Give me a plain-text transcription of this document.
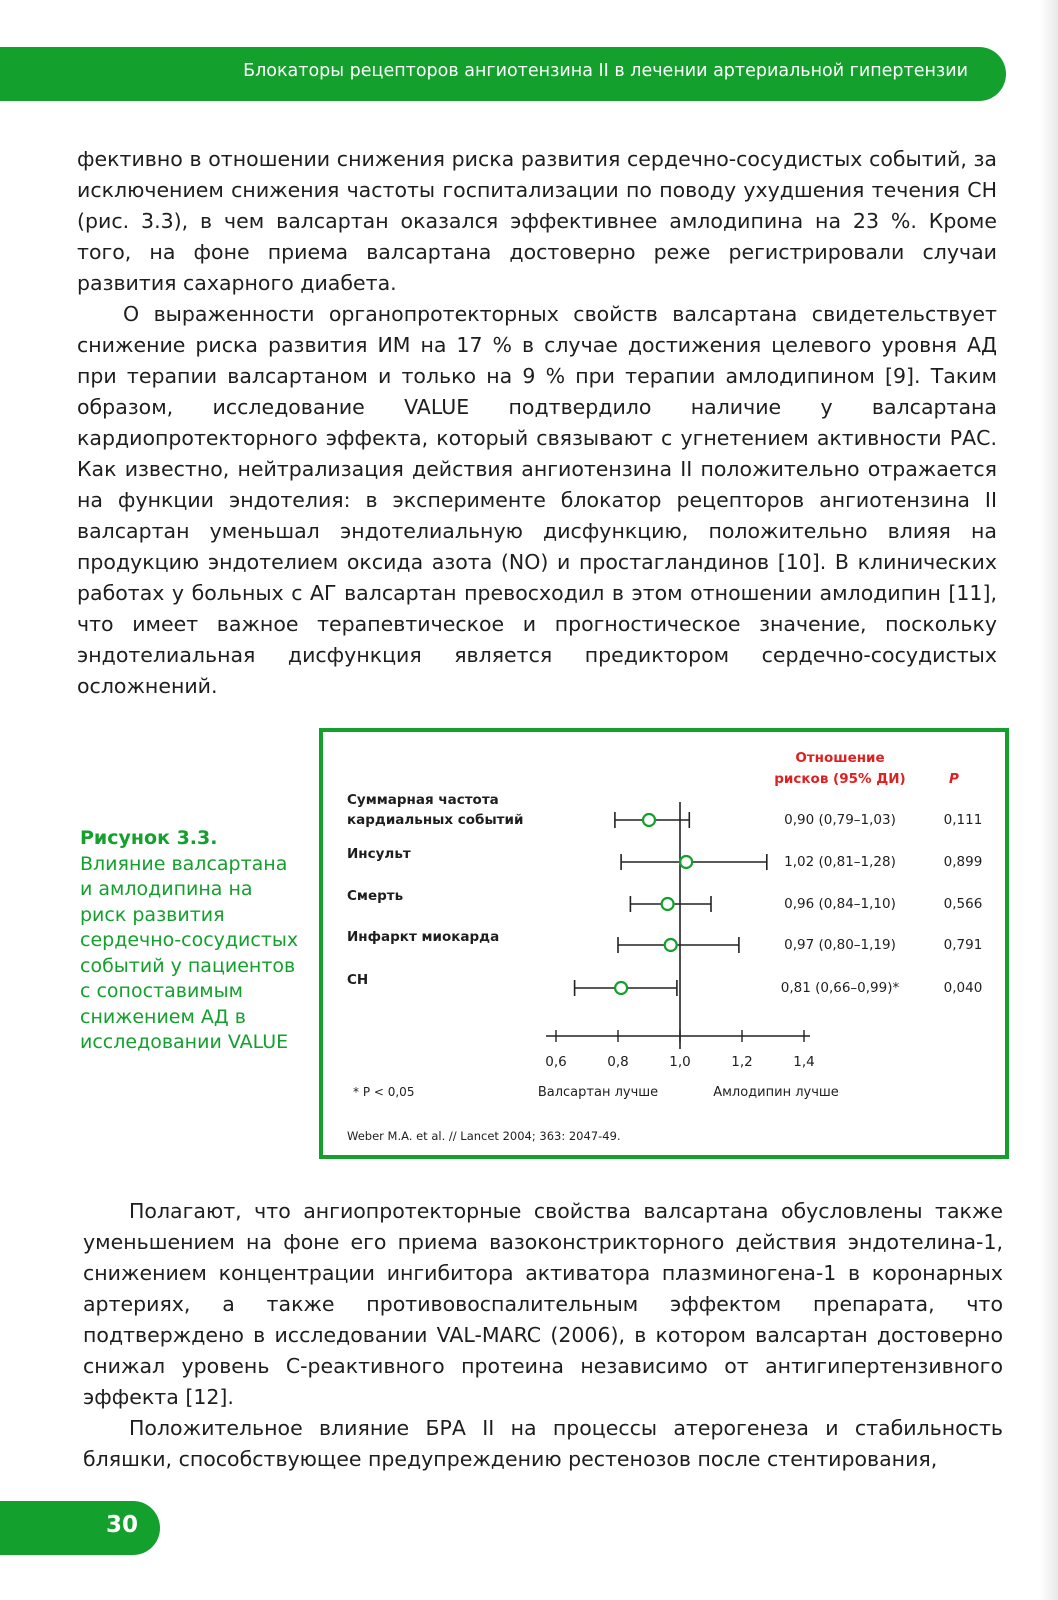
Блокаторы рецепторов ангиотензина II в лечении артериальной гипертензии

фективно в отношении снижения риска развития сердечно-сосудистых событий, за исключением снижения частоты госпитализации по поводу ухудшения течения СН (рис. 3.3), в чем валсартан оказался эффективнее амлодипина на 23 %. Кроме того, на фоне приема валсартана достоверно реже регистрировали случаи развития сахарного диабета.

О выраженности органопротекторных свойств валсартана свидетельствует снижение риска развития ИМ на 17 % в случае достижения целевого уровня АД при терапии валсартаном и только на 9 % при терапии амлодипином [9]. Таким образом, исследование VALUE подтвердило наличие у валсартана кардиопротекторного эффекта, который связывают с угнетением активности РАС. Как известно, нейтрализация действия ангиотензина II положительно отражается на функции эндотелия: в эксперименте блокатор рецепторов ангиотензина II валсартан уменьшал эндотелиальную дисфункцию, положительно влияя на продукцию эндотелием оксида азота (NO) и простагландинов [10]. В клинических работах у больных с АГ валсартан превосходил в этом отношении амлодипин [11], что имеет важное терапевтическое и прогностическое значение, поскольку эндотелиальная дисфункция является предиктором сердечно-сосудистых осложнений.

Рисунок 3.3.
Влияние валсартана и амлодипина на риск развития сердечно-сосудистых событий у пациентов с сопоставимым снижением АД в исследовании VALUE
Отношение
рисков (95% ДИ)	P
Суммарная частота
кардиальных событий	0,90 (0,79–1,03)	0,111
Инсульт	1,02 (0,81–1,28)	0,899
Смерть	0,96 (0,84–1,10)	0,566
Инфаркт миокарда	0,97 (0,80–1,19)	0,791
СН	0,81 (0,66–0,99)*	0,040
0,6	0,8	1,0	1,2	1,4
* P < 0,05	Валсартан лучше	Амлодипин лучше
Weber M.A. et al. // Lancet 2004; 363: 2047-49.

Полагают, что ангиопротекторные свойства валсартана обусловлены также уменьшением на фоне его приема вазоконстрикторного действия эндотелина-1, снижением концентрации ингибитора активатора плазминогена-1 в коронарных артериях, а также противовоспалительным эффектом препарата, что подтверждено в исследовании VAL-MARC (2006), в котором валсартан достоверно снижал уровень С-реактивного протеина независимо от антигипертензивного эффекта [12].

Положительное влияние БРА II на процессы атерогенеза и стабильность бляшки, способствующее предупреждению рестенозов после стентирования,

30
